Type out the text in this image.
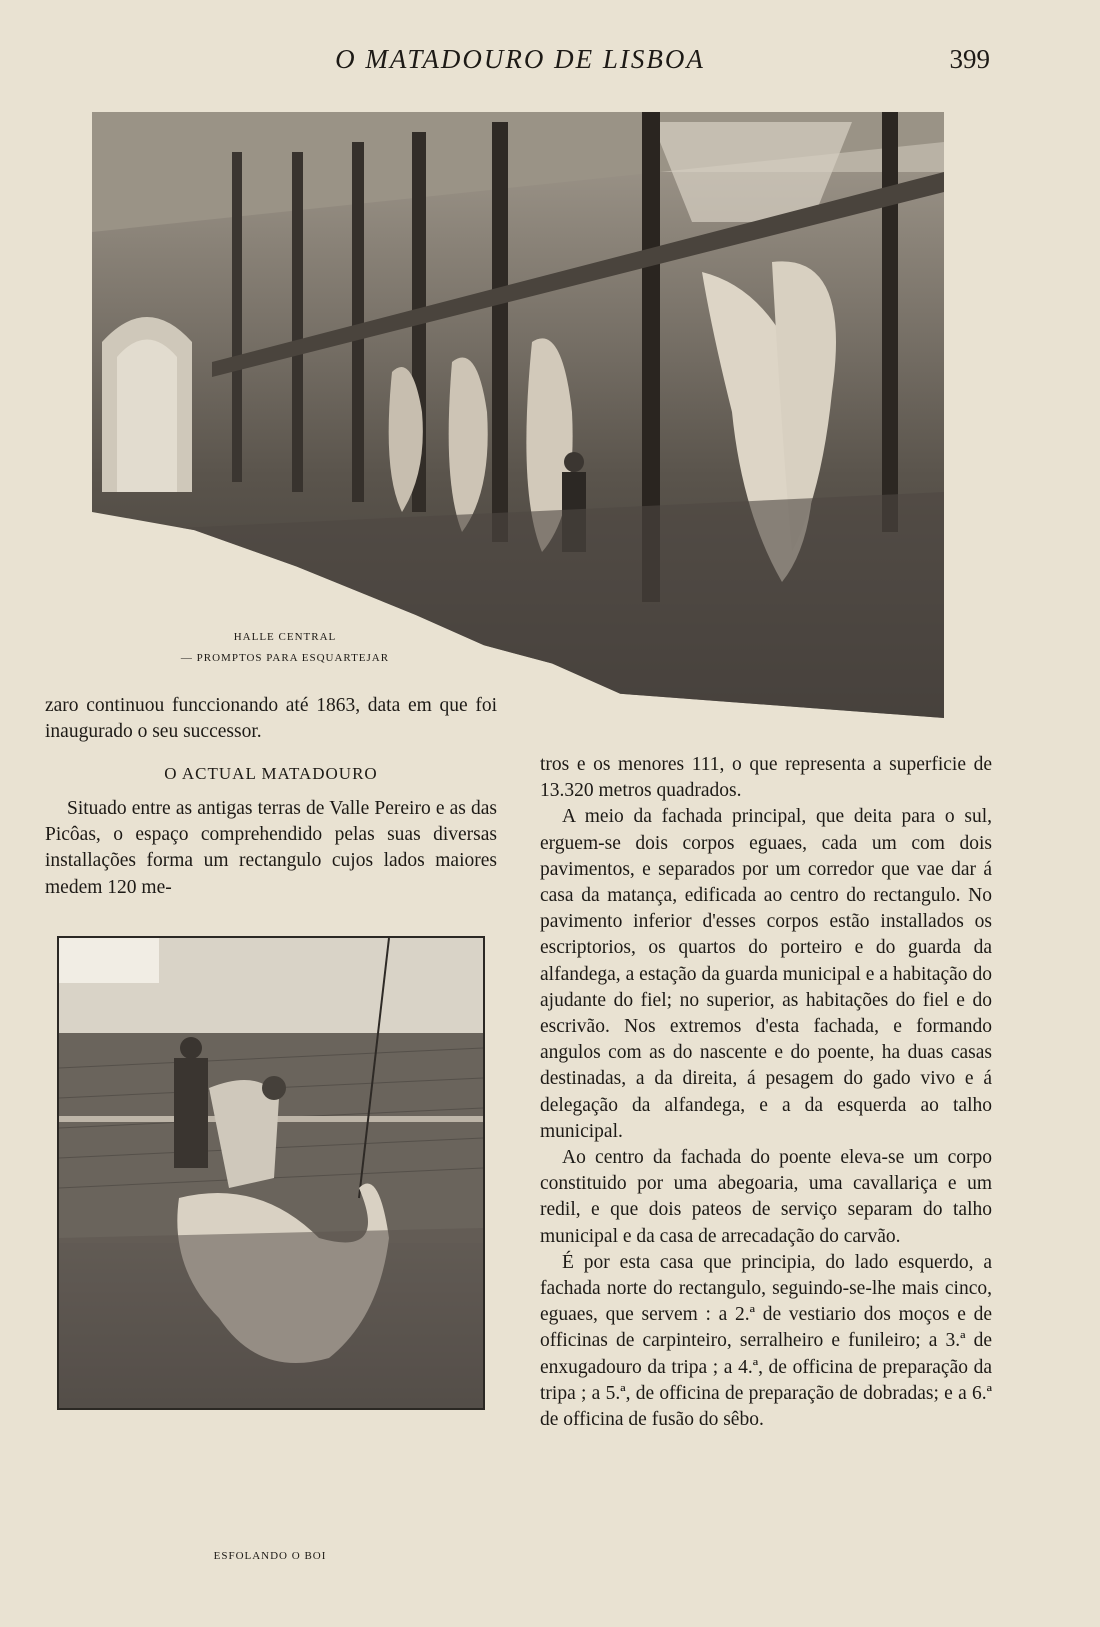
O MATADOURO DE LISBOA	399
HALLE CENTRAL
— PROMPTOS PARA ESQUARTEJAR

zaro continuou funccionando até 1863, data em que foi inaugurado o seu successor.

O ACTUAL MATADOURO

Situado entre as antigas terras de Valle Pereiro e as das Picôas, o espaço comprehendido pelas suas diversas installações forma um rectangulo cujos lados maiores medem 120 me-

ESFOLANDO O BOI

tros e os menores 111, o que representa a superficie de 13.320 metros quadrados.

A meio da fachada principal, que deita para o sul, erguem-se dois corpos eguaes, cada um com dois pavimentos, e separados por um corredor que vae dar á casa da matança, edificada ao centro do rectangulo. No pavimento inferior d'esses corpos estão installados os escriptorios, os quartos do porteiro e do guarda da alfandega, a estação da guarda municipal e a habitação do ajudante do fiel; no superior, as habitações do fiel e do escrivão. Nos extremos d'esta fachada, e formando angulos com as do nascente e do poente, ha duas casas destinadas, a da direita, á pesagem do gado vivo e á delegação da alfandega, e a da esquerda ao talho municipal.

Ao centro da fachada do poente eleva-se um corpo constituido por uma abegoaria, uma cavallariça e um redil, e que dois pateos de serviço separam do talho municipal e da casa de arrecadação do carvão.

É por esta casa que principia, do lado esquerdo, a fachada norte do rectangulo, seguindo-se-lhe mais cinco, eguaes, que servem : a 2.ª de vestiario dos moços e de officinas de carpinteiro, serralheiro e funileiro; a 3.ª de enxugadouro da tripa ; a 4.ª, de officina de preparação da tripa ; a 5.ª, de officina de preparação de dobradas; e a 6.ª de officina de fusão do sêbo.
